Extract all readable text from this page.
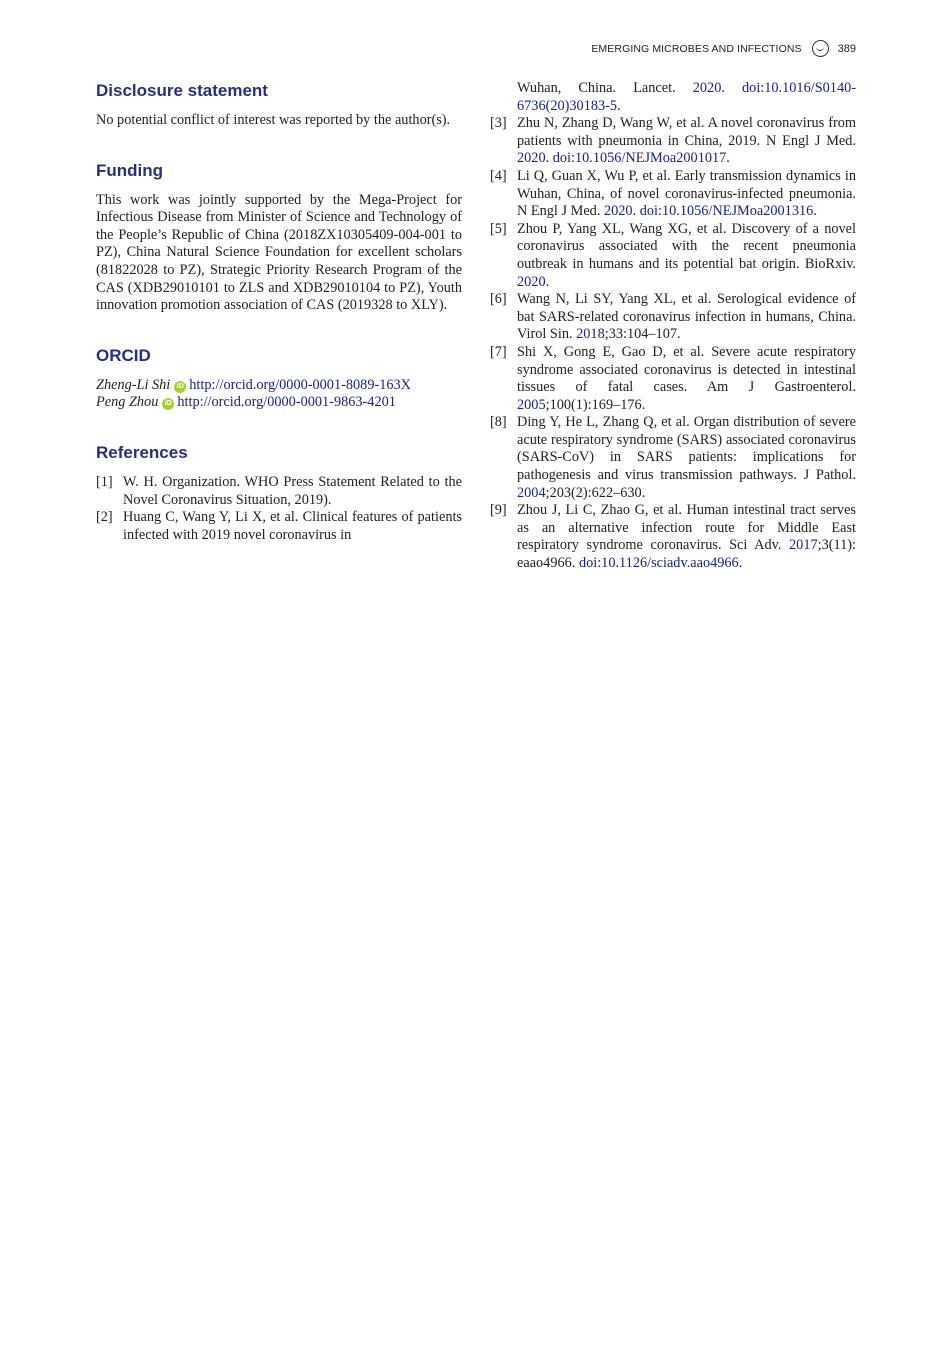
EMERGING MICROBES AND INFECTIONS	389
Disclosure statement

No potential conflict of interest was reported by the author(s).

Funding

This work was jointly supported by the Mega-Project for Infectious Disease from Minister of Science and Technology of the People’s Republic of China (2018ZX10305409-004-001 to PZ), China Natural Science Foundation for excellent scholars (81822028 to PZ), Strategic Priority Research Program of the CAS (XDB29010101 to ZLS and XDB29010104 to PZ), Youth innovation promotion association of CAS (2019328 to XLY).

ORCID

Zheng-Li Shi iD http://orcid.org/0000-0001-8089-163X

Peng Zhou iD http://orcid.org/0000-0001-9863-4201

References
[1] W. H. Organization. WHO Press Statement Related to the Novel Coronavirus Situation, 2019).
[2] Huang C, Wang Y, Li X, et al. Clinical features of patients infected with 2019 novel coronavirus in
Wuhan, China. Lancet. 2020. doi:10.1016/S0140-6736(20)30183-5.
[3] Zhu N, Zhang D, Wang W, et al. A novel coronavirus from patients with pneumonia in China, 2019. N Engl J Med. 2020. doi:10.1056/NEJMoa2001017.
[4] Li Q, Guan X, Wu P, et al. Early transmission dynamics in Wuhan, China, of novel coronavirus-infected pneumonia. N Engl J Med. 2020. doi:10.1056/NEJMoa2001316.
[5] Zhou P, Yang XL, Wang XG, et al. Discovery of a novel coronavirus associated with the recent pneumonia outbreak in humans and its potential bat origin. BioRxiv. 2020.
[6] Wang N, Li SY, Yang XL, et al. Serological evidence of bat SARS-related coronavirus infection in humans, China. Virol Sin. 2018;33:104–107.
[7] Shi X, Gong E, Gao D, et al. Severe acute respiratory syndrome associated coronavirus is detected in intestinal tissues of fatal cases. Am J Gastroenterol. 2005;100(1):169–176.
[8] Ding Y, He L, Zhang Q, et al. Organ distribution of severe acute respiratory syndrome (SARS) associated coronavirus (SARS-CoV) in SARS patients: implications for pathogenesis and virus transmission pathways. J Pathol. 2004;203(2):622–630.
[9] Zhou J, Li C, Zhao G, et al. Human intestinal tract serves as an alternative infection route for Middle East respiratory syndrome coronavirus. Sci Adv. 2017;3(11): eaao4966. doi:10.1126/sciadv.aao4966.
